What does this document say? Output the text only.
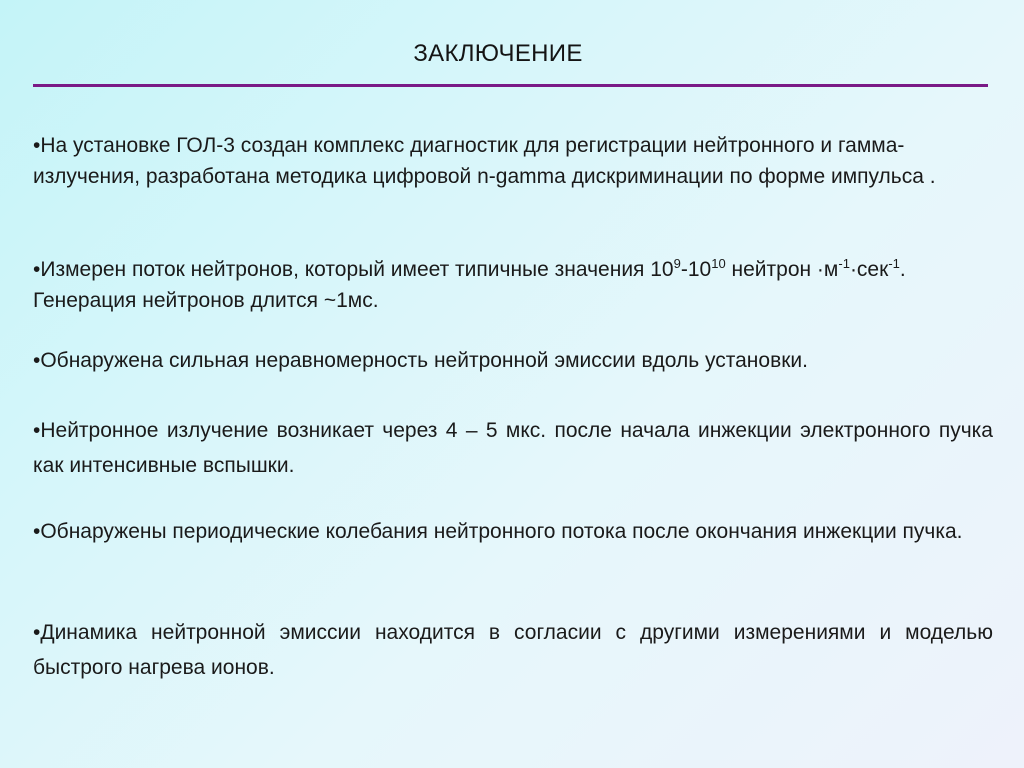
ЗАКЛЮЧЕНИЕ
•На установке ГОЛ-3 создан комплекс диагностик для регистрации нейтронного и гамма-излучения, разработана методика цифровой n-gamma дискриминации по форме импульса .
•Измерен поток нейтронов, который имеет типичные значения $10^9-10^{10}$ нейтрон $\cdot м^{-1}\cdot сек^{-1}$. Генерация нейтронов длится ~1мс.
•Обнаружена сильная неравномерность нейтронной эмиссии вдоль установки.
•Нейтронное излучение возникает через 4 – 5 мкс. после начала инжекции электронного пучка как интенсивные вспышки.
•Обнаружены периодические колебания нейтронного потока после окончания инжекции пучка.
•Динамика нейтронной эмиссии находится в согласии с другими измерениями и моделью быстрого нагрева ионов.
